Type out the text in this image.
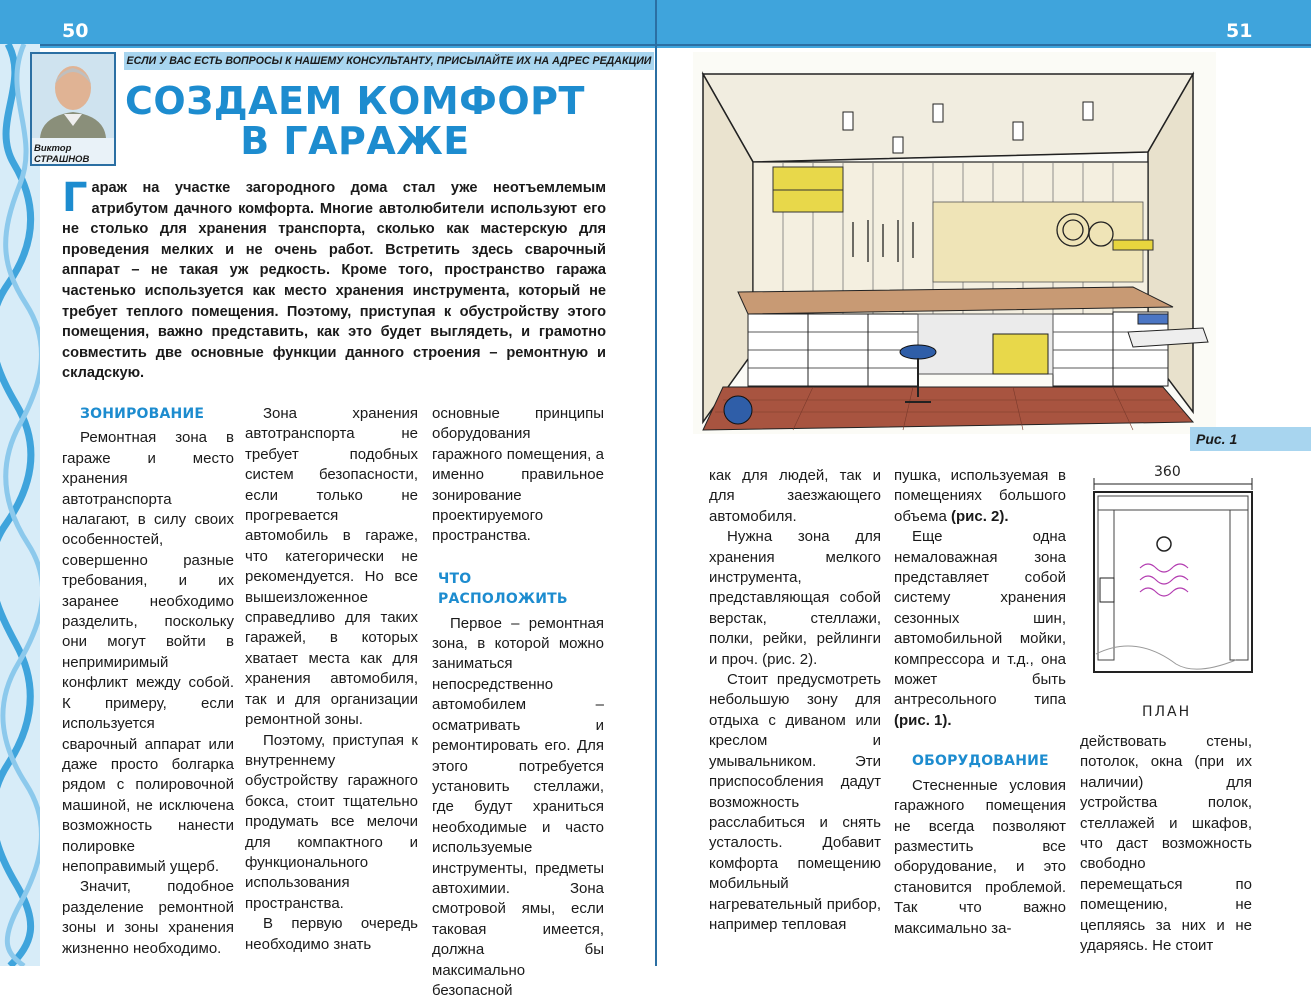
50	51
ЕСЛИ У ВАС ЕСТЬ ВОПРОСЫ К НАШЕМУ КОНСУЛЬТАНТУ, ПРИСЫЛАЙТЕ ИХ НА АДРЕС РЕДАКЦИИ
Виктор
СТРАШНОВ
СОЗДАЕМ КОМФОРТ
В ГАРАЖЕ
Гараж на участке загородного дома стал уже неотъемлемым атрибутом дачного комфорта. Многие автолюбители используют его не столько для хранения транспорта, сколько как мастерскую для проведения мелких и не очень работ. Встретить здесь сварочный аппарат – не такая уж редкость. Кроме того, пространство гаража частенько используется как место хранения инструмента, который не требует теплого помещения. Поэтому, приступая к обустройству этого помещения, важно представить, как это будет выглядеть, и грамотно совместить две основные функции данного строения – ремонтную и складскую.
ЗОНИРОВАНИЕ

Ремонтная зона в гараже и место хранения автотранспорта налагают, в силу своих особенностей, совершенно разные требования, и их заранее необходимо разделить, поскольку они могут войти в непримиримый конфликт между собой. К примеру, если используется сварочный аппарат или даже просто болгарка рядом с полировочной машиной, не исключена возможность нанести полировке непоправимый ущерб.

Значит, подобное разделение ремонтной зоны и зоны хранения жизненно необходимо.

Зона хранения автотранспорта не требует подобных систем безопасности, если только не прогревается автомобиль в гараже, что категорически не рекомендуется. Но все вышеизложенное справедливо для таких гаражей, в которых хватает места как для хранения автомобиля, так и для организации ремонтной зоны.

Поэтому, приступая к внутреннему обустройству гаражного бокса, стоит тщательно продумать все мелочи для компактного и функционального использования пространства.

В первую очередь необходимо знать

основные принципы оборудования гаражного помещения, а именно правильное зонирование проектируемого пространства.

ЧТО РАСПОЛОЖИТЬ

Первое – ремонтная зона, в которой можно заниматься непосредственно автомобилем – осматривать и ремонтировать его. Для этого потребуется установить стеллажи, где будут храниться необходимые и часто используемые инструменты, предметы автохимии. Зона смотровой ямы, если таковая имеется, должна бы максимально безопасной

Рис. 1
360
ПЛАН

как для людей, так и для заезжающего автомобиля.

Нужна зона для хранения мелкого инструмента, представляющая собой верстак, стеллажи, полки, рейки, рейлинги и проч. (рис. 2).

Стоит предусмотреть небольшую зону для отдыха с диваном или креслом и умывальником. Эти приспособления дадут возможность расслабиться и снять усталость. Добавит комфорта помещению мобильный нагревательный прибор, например тепловая

пушка, используемая в помещениях большого объема (рис. 2).

Еще одна немаловажная зона представляет собой систему хранения сезонных шин, автомобильной мойки, компрессора и т.д., она может быть антресольного типа (рис. 1).

ОБОРУДОВАНИЕ

Стесненные условия гаражного помещения не всегда позволяют разместить все оборудование, и это становится проблемой. Так что важно максимально за-

действовать стены, потолок, окна (при их наличии) для устройства полок, стеллажей и шкафов, что даст возможность свободно перемещаться по помещению, не цепляясь за них и не ударяясь. Не стоит
